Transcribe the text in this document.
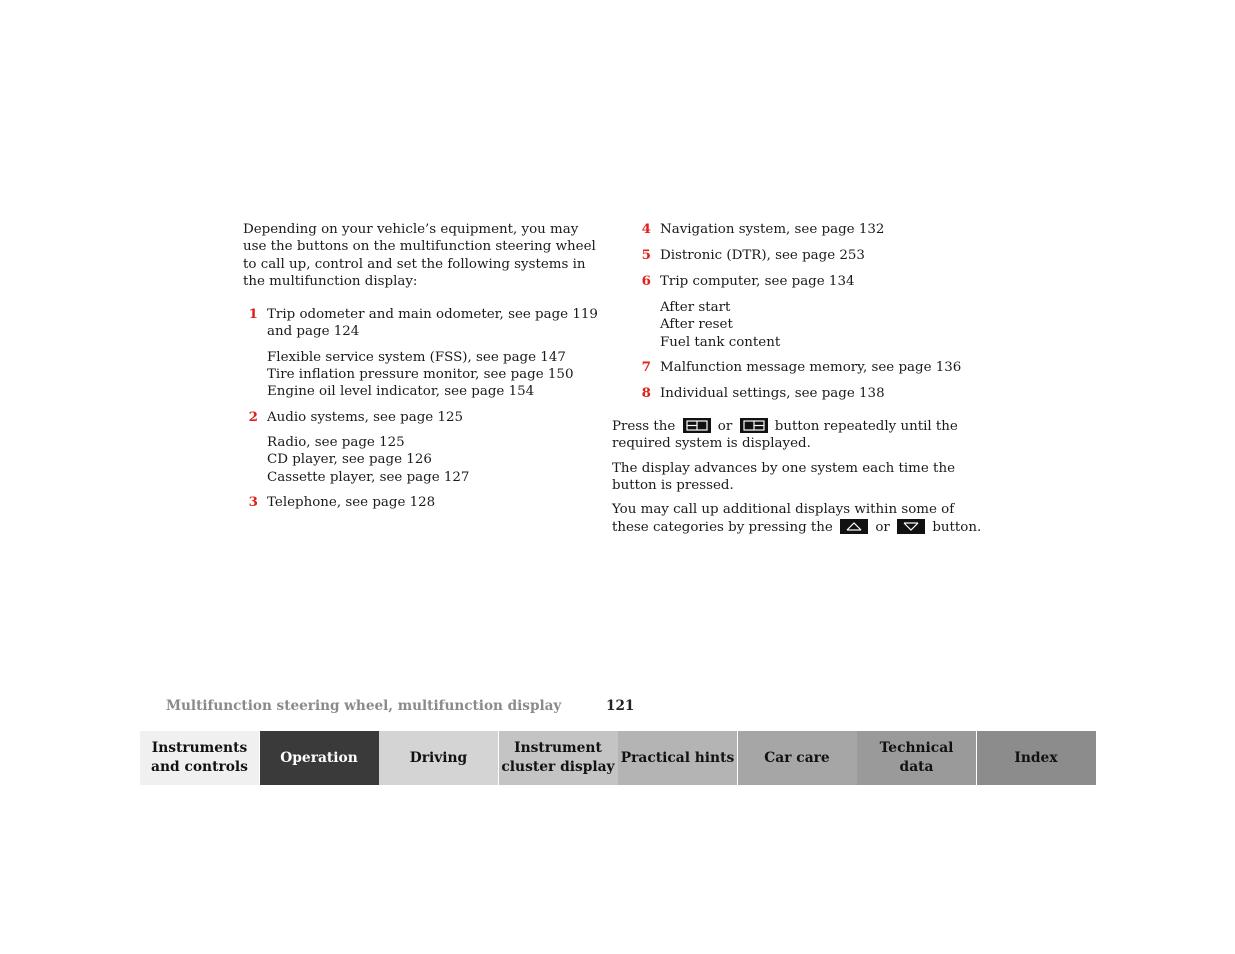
Depending on your vehicle’s equipment, you may use the buttons on the multifunction steering wheel to call up, control and set the following systems in the multifunction display:

1 Trip odometer and main odometer, see page 119 and page 124
Flexible service system (FSS), see page 147
Tire inflation pressure monitor, see page 150
Engine oil level indicator, see page 154
2 Audio systems, see page 125
Radio, see page 125
CD player, see page 126
Cassette player, see page 127
3 Telephone, see page 128
4 Navigation system, see page 132
5 Distronic (DTR), see page 253
6 Trip computer, see page 134
After start
After reset
Fuel tank content
7 Malfunction message memory, see page 136
8 Individual settings, see page 138

Press the	or	button repeatedly until the required system is displayed.

The display advances by one system each time the button is pressed.

You may call up additional displays within some of these categories by pressing the	or	button.

Multifunction steering wheel, multifunction display	121
Instruments
and controls
Operation	Driving
Instrument
cluster display
Practical hints Car care
Technical
data
Index
